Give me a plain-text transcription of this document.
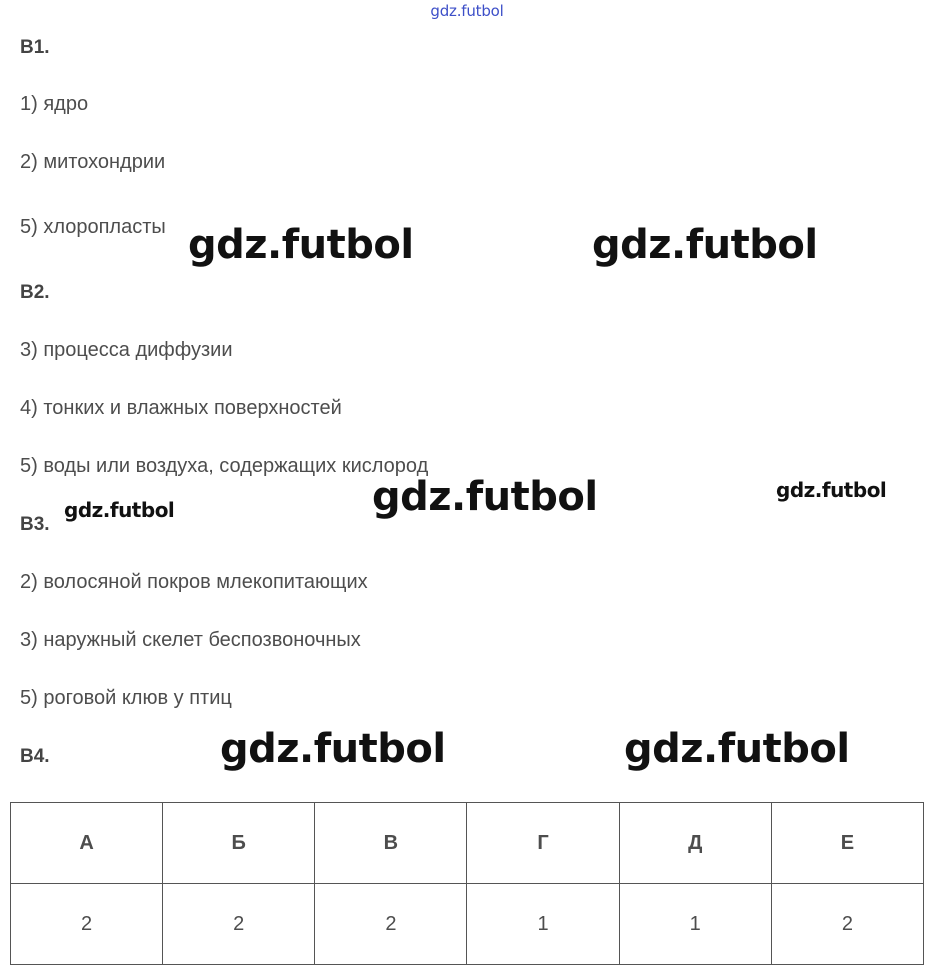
gdz.futbol
В1.
1) ядро
2) митохондрии
5) хлоропласты
В2.
3) процесса диффузии
4) тонких и влажных поверхностей
5) воды или воздуха, содержащих кислород
В3.
2) волосяной покров млекопитающих
3) наружный скелет беспозвоночных
5) роговой клюв у птиц
В4.
А	Б	В	Г	Д	Е
2	2	2	1	1	2
gdz.futbol	gdz.futbol
gdz.futbol	gdz.futbol
gdz.futbol
gdz.futbol	gdz.futbol
